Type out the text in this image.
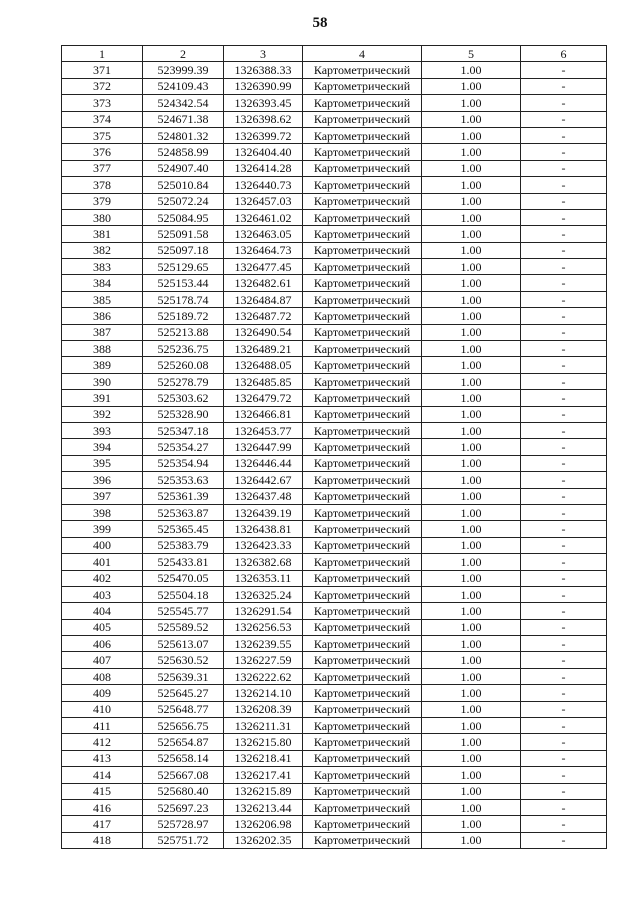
58
1	2	3	4	5	6
371	523999.39	1326388.33	Картометрический	1.00	-
372	524109.43	1326390.99	Картометрический	1.00	-
373	524342.54	1326393.45	Картометрический	1.00	-
374	524671.38	1326398.62	Картометрический	1.00	-
375	524801.32	1326399.72	Картометрический	1.00	-
376	524858.99	1326404.40	Картометрический	1.00	-
377	524907.40	1326414.28	Картометрический	1.00	-
378	525010.84	1326440.73	Картометрический	1.00	-
379	525072.24	1326457.03	Картометрический	1.00	-
380	525084.95	1326461.02	Картометрический	1.00	-
381	525091.58	1326463.05	Картометрический	1.00	-
382	525097.18	1326464.73	Картометрический	1.00	-
383	525129.65	1326477.45	Картометрический	1.00	-
384	525153.44	1326482.61	Картометрический	1.00	-
385	525178.74	1326484.87	Картометрический	1.00	-
386	525189.72	1326487.72	Картометрический	1.00	-
387	525213.88	1326490.54	Картометрический	1.00	-
388	525236.75	1326489.21	Картометрический	1.00	-
389	525260.08	1326488.05	Картометрический	1.00	-
390	525278.79	1326485.85	Картометрический	1.00	-
391	525303.62	1326479.72	Картометрический	1.00	-
392	525328.90	1326466.81	Картометрический	1.00	-
393	525347.18	1326453.77	Картометрический	1.00	-
394	525354.27	1326447.99	Картометрический	1.00	-
395	525354.94	1326446.44	Картометрический	1.00	-
396	525353.63	1326442.67	Картометрический	1.00	-
397	525361.39	1326437.48	Картометрический	1.00	-
398	525363.87	1326439.19	Картометрический	1.00	-
399	525365.45	1326438.81	Картометрический	1.00	-
400	525383.79	1326423.33	Картометрический	1.00	-
401	525433.81	1326382.68	Картометрический	1.00	-
402	525470.05	1326353.11	Картометрический	1.00	-
403	525504.18	1326325.24	Картометрический	1.00	-
404	525545.77	1326291.54	Картометрический	1.00	-
405	525589.52	1326256.53	Картометрический	1.00	-
406	525613.07	1326239.55	Картометрический	1.00	-
407	525630.52	1326227.59	Картометрический	1.00	-
408	525639.31	1326222.62	Картометрический	1.00	-
409	525645.27	1326214.10	Картометрический	1.00	-
410	525648.77	1326208.39	Картометрический	1.00	-
411	525656.75	1326211.31	Картометрический	1.00	-
412	525654.87	1326215.80	Картометрический	1.00	-
413	525658.14	1326218.41	Картометрический	1.00	-
414	525667.08	1326217.41	Картометрический	1.00	-
415	525680.40	1326215.89	Картометрический	1.00	-
416	525697.23	1326213.44	Картометрический	1.00	-
417	525728.97	1326206.98	Картометрический	1.00	-
418	525751.72	1326202.35	Картометрический	1.00	-
